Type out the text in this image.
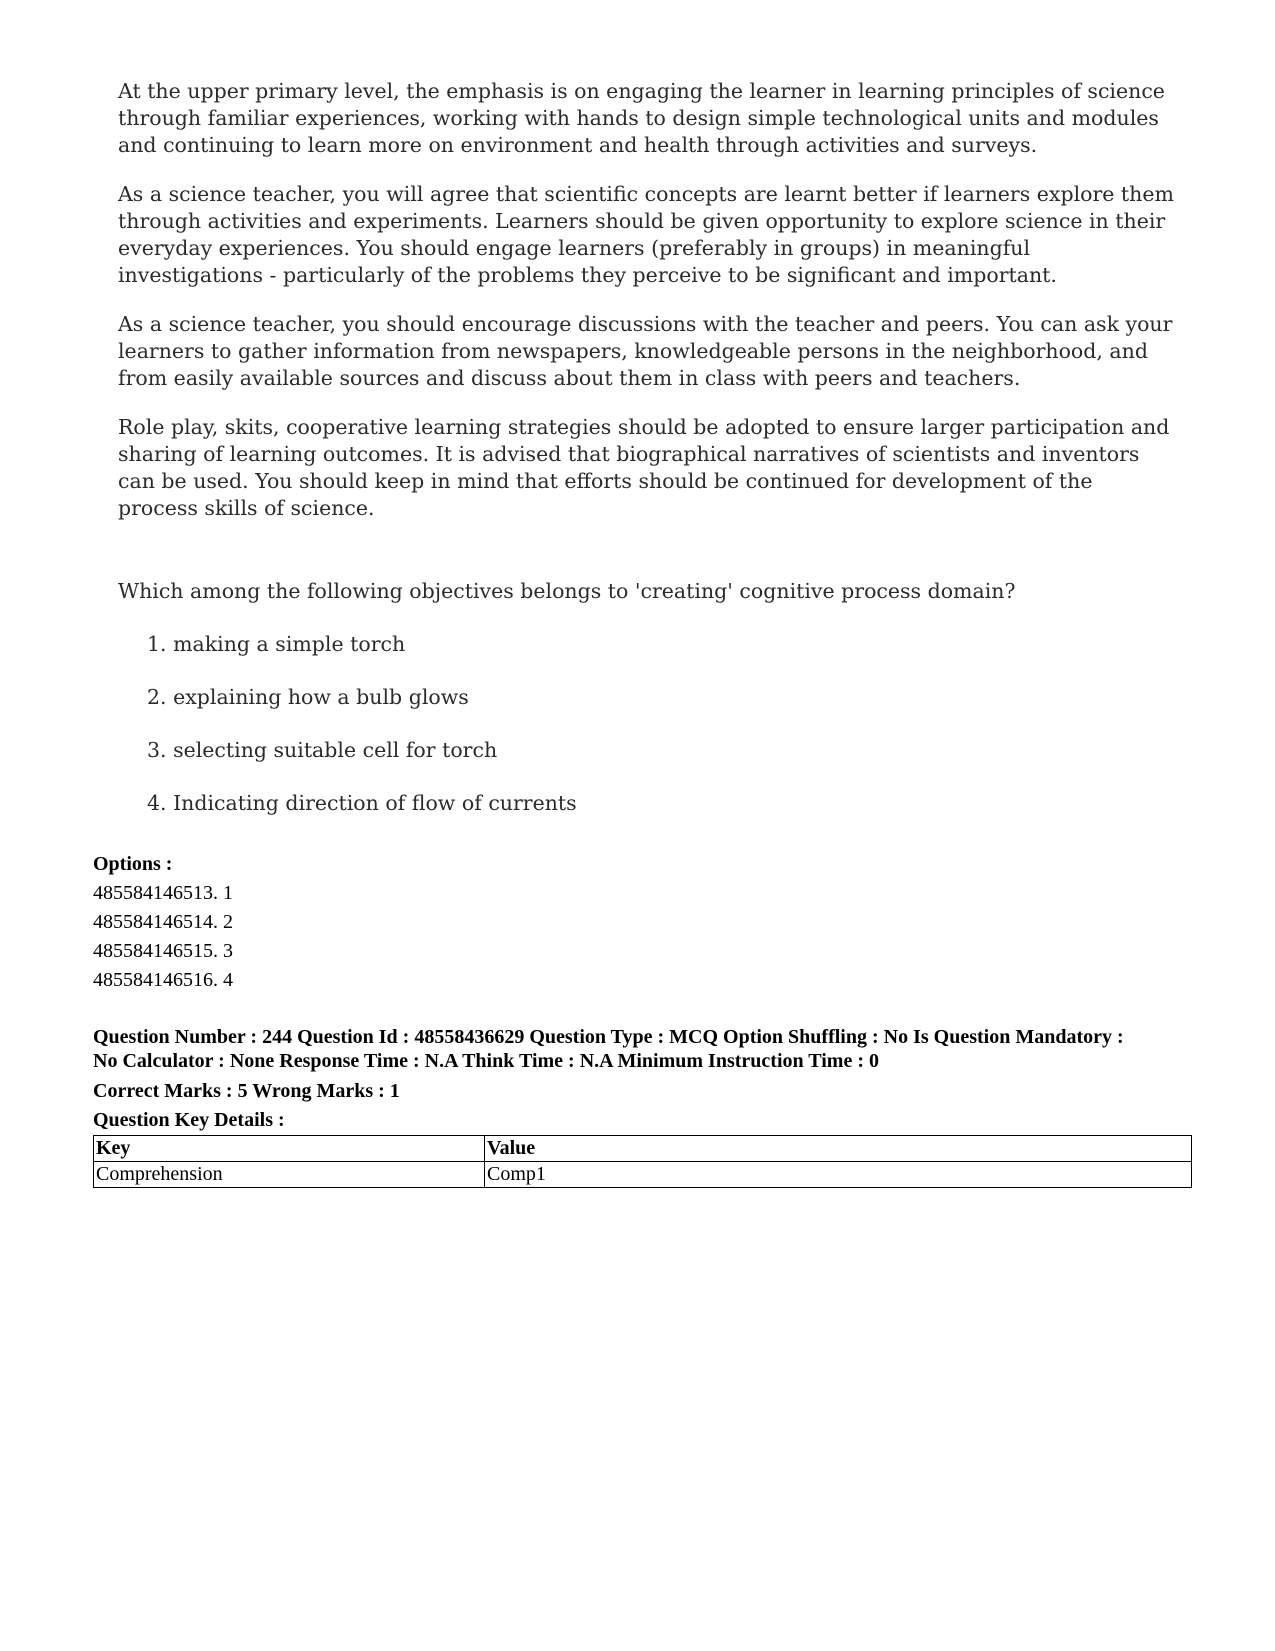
At the upper primary level, the emphasis is on engaging the learner in learning principles of science through familiar experiences, working with hands to design simple technological units and modules and continuing to learn more on environment and health through activities and surveys.

As a science teacher, you will agree that scientific concepts are learnt better if learners explore them through activities and experiments. Learners should be given opportunity to explore science in their everyday experiences. You should engage learners (preferably in groups) in meaningful investigations - particularly of the problems they perceive to be significant and important.

As a science teacher, you should encourage discussions with the teacher and peers. You can ask your learners to gather information from newspapers, knowledgeable persons in the neighborhood, and from easily available sources and discuss about them in class with peers and teachers.

Role play, skits, cooperative learning strategies should be adopted to ensure larger participation and sharing of learning outcomes. It is advised that biographical narratives of scientists and inventors can be used. You should keep in mind that efforts should be continued for development of the process skills of science.

Which among the following objectives belongs to 'creating' cognitive process domain?

1. making a simple torch
2. explaining how a bulb glows
3. selecting suitable cell for torch
4. Indicating direction of flow of currents
Options :
485584146513. 1
485584146514. 2
485584146515. 3
485584146516. 4
Question Number : 244 Question Id : 48558436629 Question Type : MCQ Option Shuffling : No Is Question Mandatory :
No Calculator : None Response Time : N.A Think Time : N.A Minimum Instruction Time : 0
Correct Marks : 5 Wrong Marks : 1
Question Key Details :
Key	Value
Comprehension	Comp1
